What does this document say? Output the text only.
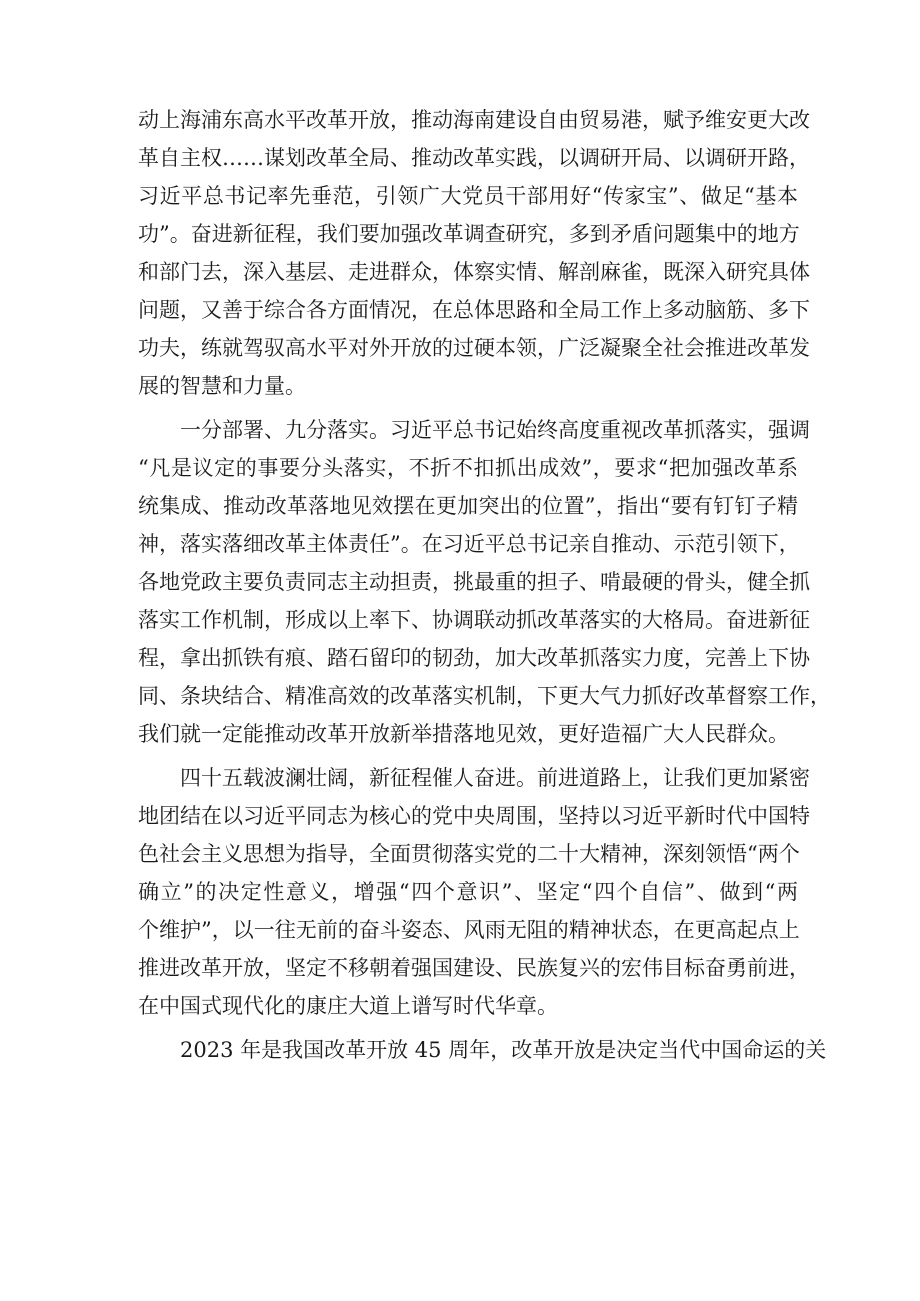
动上海浦东高水平改革开放，推动海南建设自由贸易港，赋予维安更大改
革自主权……谋划改革全局、推动改革实践，以调研开局、以调研开路，
习近平总书记率先垂范，引领广大党员干部用好“传家宝”、做足“基本
功”。奋进新征程，我们要加强改革调查研究，多到矛盾问题集中的地方
和部门去，深入基层、走进群众，体察实情、解剖麻雀，既深入研究具体
问题，又善于综合各方面情况，在总体思路和全局工作上多动脑筋、多下
功夫，练就驾驭高水平对外开放的过硬本领，广泛凝聚全社会推进改革发
展的智慧和力量。
一分部署、九分落实。习近平总书记始终高度重视改革抓落实，强调
“凡是议定的事要分头落实，不折不扣抓出成效”，要求“把加强改革系
统集成、推动改革落地见效摆在更加突出的位置”，指出“要有钉钉子精
神，落实落细改革主体责任”。在习近平总书记亲自推动、示范引领下，
各地党政主要负责同志主动担责，挑最重的担子、啃最硬的骨头，健全抓
落实工作机制，形成以上率下、协调联动抓改革落实的大格局。奋进新征
程，拿出抓铁有痕、踏石留印的韧劲，加大改革抓落实力度，完善上下协
同、条块结合、精准高效的改革落实机制，下更大气力抓好改革督察工作，
我们就一定能推动改革开放新举措落地见效，更好造福广大人民群众。
四十五载波澜壮阔，新征程催人奋进。前进道路上，让我们更加紧密
地团结在以习近平同志为核心的党中央周围，坚持以习近平新时代中国特
色社会主义思想为指导，全面贯彻落实党的二十大精神，深刻领悟“两个
确立”的决定性意义，增强“四个意识”、坚定“四个自信”、做到“两
个维护”，以一往无前的奋斗姿态、风雨无阻的精神状态，在更高起点上
推进改革开放，坚定不移朝着强国建设、民族复兴的宏伟目标奋勇前进，
在中国式现代化的康庄大道上谱写时代华章。
2023 年是我国改革开放 45 周年，改革开放是决定当代中国命运的关
